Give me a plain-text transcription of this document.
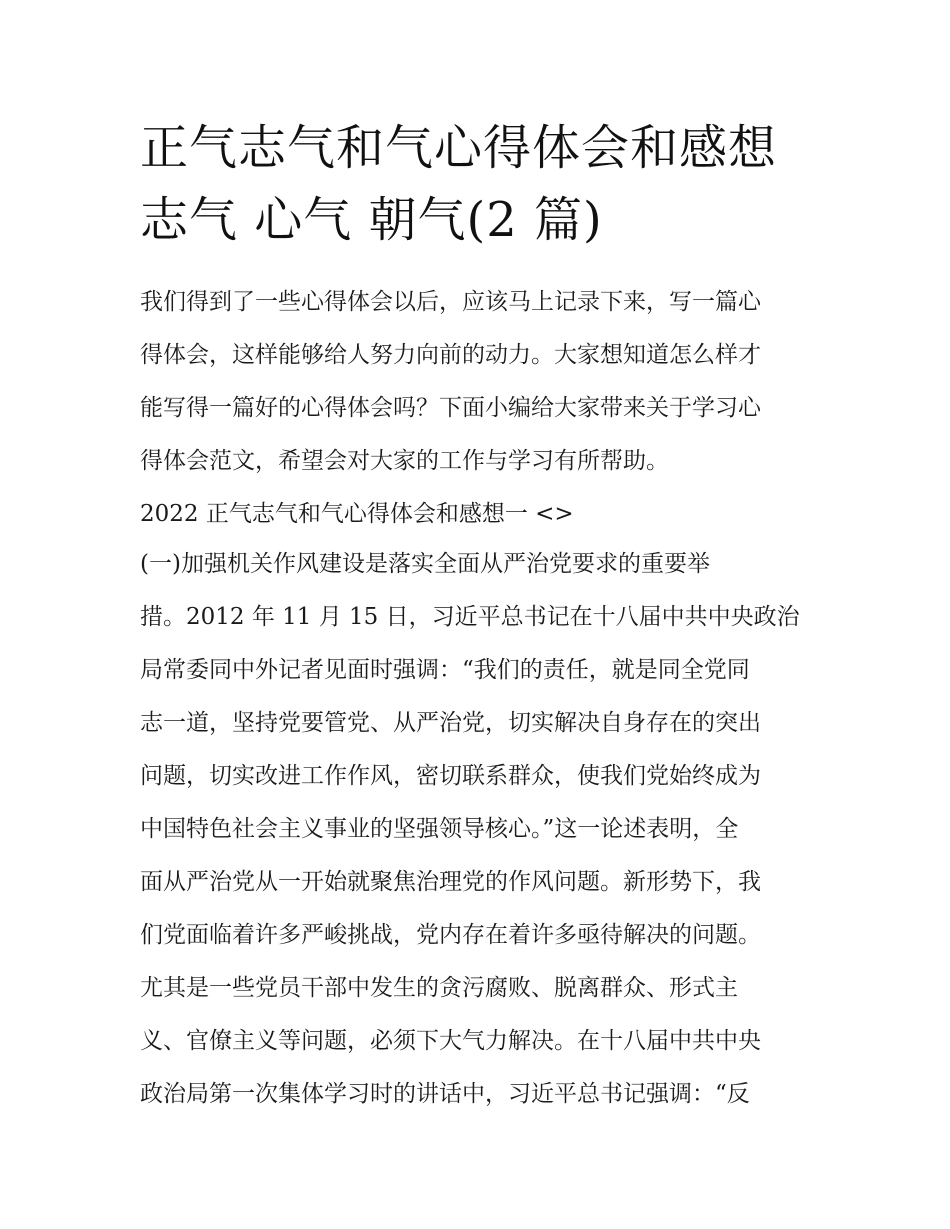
正气志气和气心得体会和感想
志气 心气 朝气(2 篇)
我们得到了一些心得体会以后，应该马上记录下来，写一篇心
得体会，这样能够给人努力向前的动力。大家想知道怎么样才
能写得一篇好的心得体会吗？下面小编给大家带来关于学习心
得体会范文，希望会对大家的工作与学习有所帮助。
2022 正气志气和气心得体会和感想一 <>
(一)加强机关作风建设是落实全面从严治党要求的重要举
措。2012 年 11 月 15 日，习近平总书记在十八届中共中央政治
局常委同中外记者见面时强调：“我们的责任，就是同全党同
志一道，坚持党要管党、从严治党，切实解决自身存在的突出
问题，切实改进工作作风，密切联系群众，使我们党始终成为
中国特色社会主义事业的坚强领导核心。”这一论述表明，全
面从严治党从一开始就聚焦治理党的作风问题。新形势下，我
们党面临着许多严峻挑战，党内存在着许多亟待解决的问题。
尤其是一些党员干部中发生的贪污腐败、脱离群众、形式主
义、官僚主义等问题，必须下大气力解决。在十八届中共中央
政治局第一次集体学习时的讲话中，习近平总书记强调：“反
